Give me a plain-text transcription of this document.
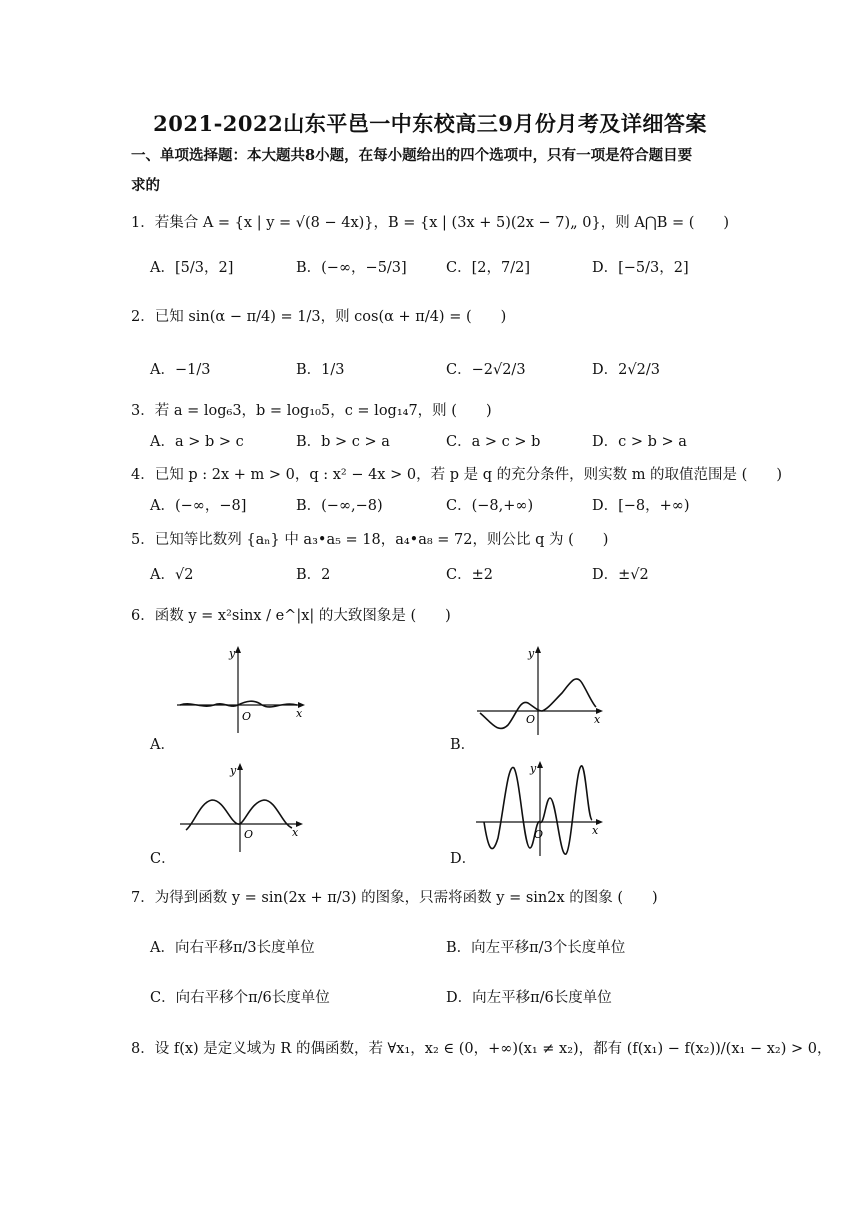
2021-2022山东平邑一中东校高三9月份月考及详细答案
一、单项选择题：本大题共8小题，在每小题给出的四个选项中，只有一项是符合题目要
求的
1．若集合 A = {x | y = √(8 − 4x)}，B = {x | (3x + 5)(2x − 7)„ 0}，则 A⋂B = (　　)
A．[5/3，2]	B．(−∞，−5/3]	C．[2，7/2]	D．[−5/3，2]
2．已知 sin(α − π/4) = 1/3，则 cos(α + π/4) = (　　)
A．−1/3	B．1/3	C．−2√2/3	D．2√2/3
3．若 a = log₆3，b = log₁₀5，c = log₁₄7，则 (　　)
A．a > b > c	B．b > c > a	C．a > c > b	D．c > b > a
4．已知 p : 2x + m > 0，q : x² − 4x > 0，若 p 是 q 的充分条件，则实数 m 的取值范围是 (　　)
A．(−∞，−8]	B．(−∞,−8)	C．(−8,+∞)	D．[−8，+∞)
5．已知等比数列 {aₙ} 中 a₃•a₅ = 18，a₄•a₈ = 72，则公比 q 为 (　　)
A．√2	B．2	C．±2	D．±√2
6．函数 y = x²sinx / e^|x| 的大致图象是 (　　)
y
x
O
A．
y
x
O
B．
y
x
O
C．
y
x
O
D．
7．为得到函数 y = sin(2x + π/3) 的图象，只需将函数 y = sin2x 的图象 (　　)
A．向右平移π/3长度单位	B．向左平移π/3个长度单位
C．向右平移个π/6长度单位	D．向左平移π/6长度单位
8．设 f(x) 是定义域为 R 的偶函数，若 ∀x₁，x₂ ∈ (0，+∞)(x₁ ≠ x₂)，都有 (f(x₁) − f(x₂))/(x₁ − x₂) > 0，
